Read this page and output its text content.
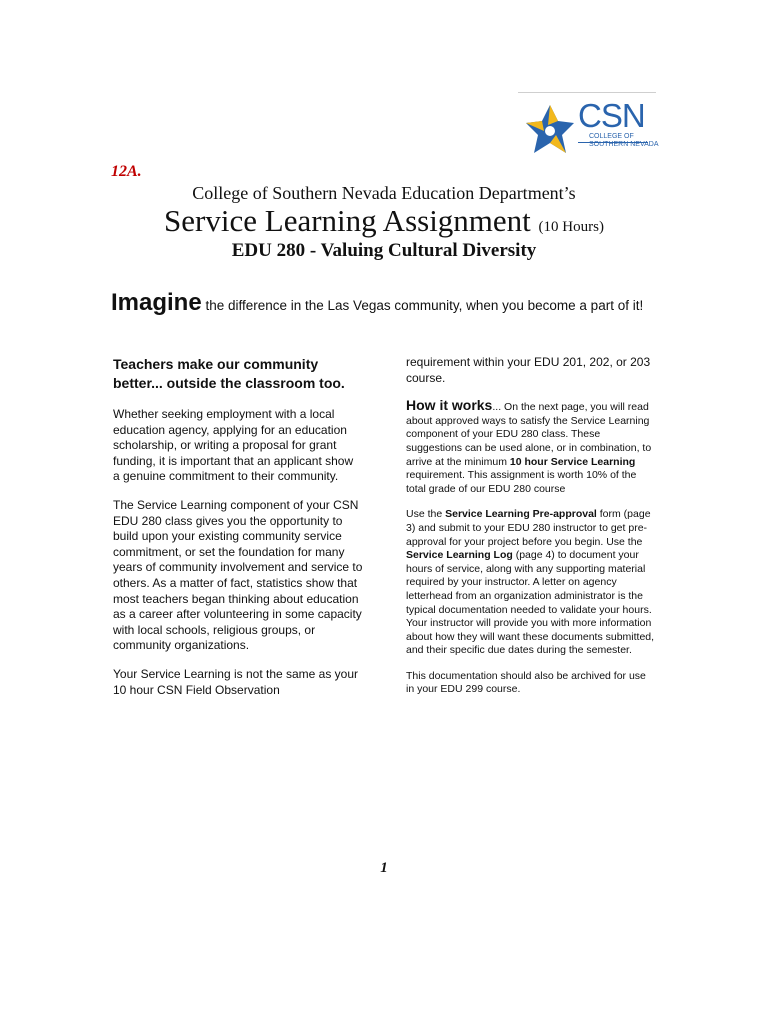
CSN
COLLEGE OF
SOUTHERN NEVADA
12A.
College of Southern Nevada Education Department’s
Service Learning Assignment (10 Hours)
EDU 280 - Valuing Cultural Diversity
Imagine the difference in the Las Vegas community, when you become a part of it!
Teachers make our community better... outside the classroom too.
Whether seeking employment with a local education agency, applying for an education scholarship, or writing a proposal for grant funding, it is important that an applicant show a genuine commitment to their community.
The Service Learning component of your CSN EDU 280 class gives you the opportunity to build upon your existing community service commitment, or set the foundation for many years of community involvement and service to others. As a matter of fact, statistics show that most teachers began thinking about education as a career after volunteering in some capacity with local schools, religious groups, or community organizations.
Your Service Learning is not the same as your 10 hour CSN Field Observation
requirement within your EDU 201, 202, or 203 course.
How it works... On the next page, you will read about approved ways to satisfy the Service Learning component of your EDU 280 class. These suggestions can be used alone, or in combination, to arrive at the minimum 10 hour Service Learning requirement. This assignment is worth 10% of the total grade of our EDU 280 course
Use the Service Learning Pre-approval form (page 3) and submit to your EDU 280 instructor to get pre-approval for your project before you begin. Use the Service Learning Log (page 4) to document your hours of service, along with any supporting material required by your instructor. A letter on agency letterhead from an organization administrator is the typical documentation needed to validate your hours. Your instructor will provide you with more information about how they will want these documents submitted, and their specific due dates during the semester.
This documentation should also be archived for use in your EDU 299 course.
1
